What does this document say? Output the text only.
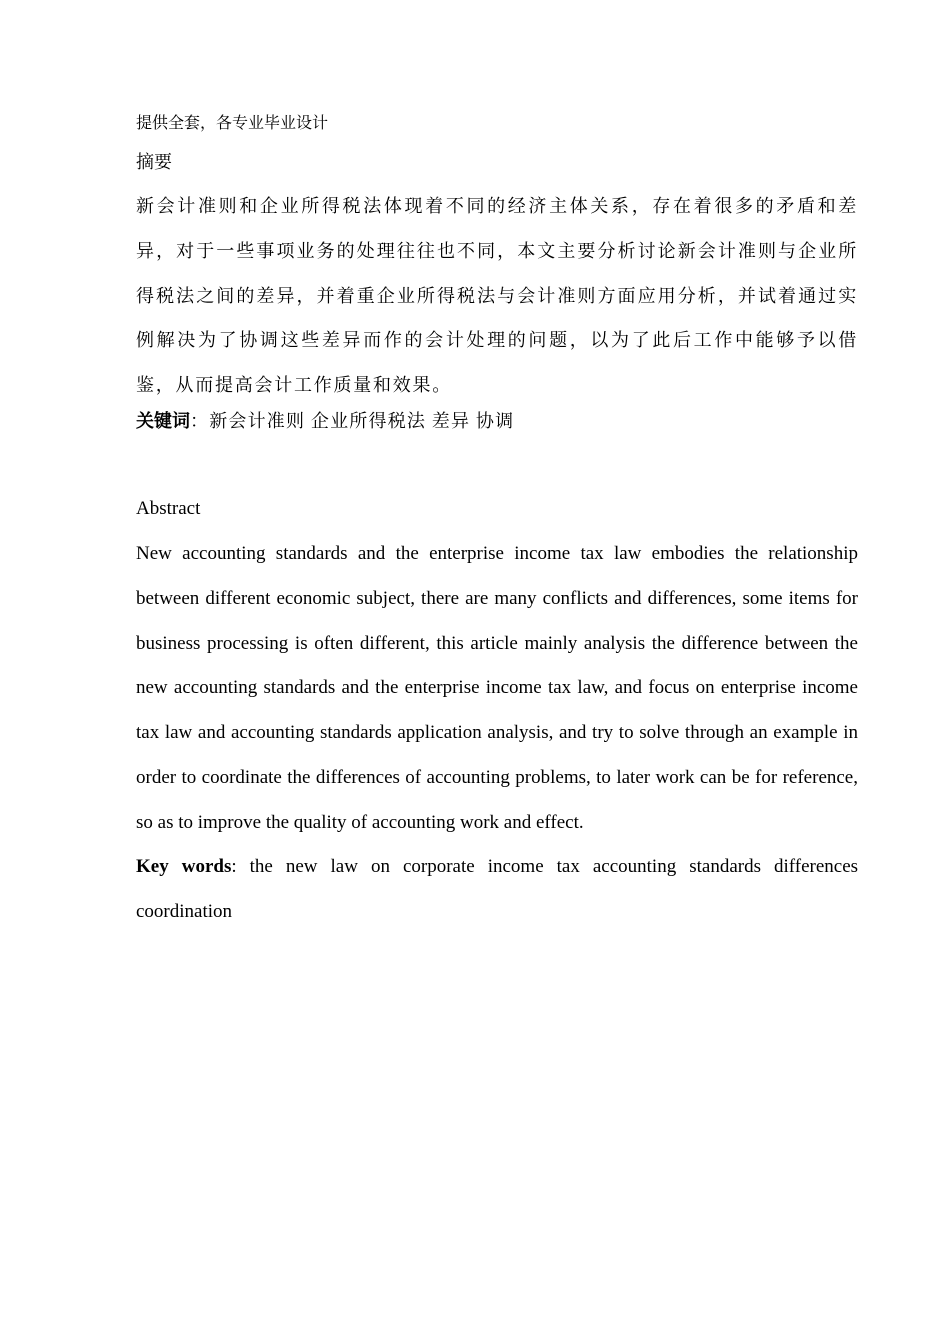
提供全套，各专业毕业设计
摘要
新会计准则和企业所得税法体现着不同的经济主体关系，存在着很多的矛盾和差异，对于一些事项业务的处理往往也不同，本文主要分析讨论新会计准则与企业所得税法之间的差异，并着重企业所得税法与会计准则方面应用分析，并试着通过实例解决为了协调这些差异而作的会计处理的问题，以为了此后工作中能够予以借鉴，从而提高会计工作质量和效果。
关键词：新会计准则 企业所得税法 差异 协调
Abstract
New accounting standards and the enterprise income tax law embodies the relationship between different economic subject, there are many conflicts and differences, some items for business processing is often different, this article mainly analysis the difference between the new accounting standards and the enterprise income tax law, and focus on enterprise income tax law and accounting standards application analysis, and try to solve through an example in order to coordinate the differences of accounting problems, to later work can be for reference, so as to improve the quality of accounting work and effect.
Key words: the new law on corporate income tax accounting standards differences coordination
